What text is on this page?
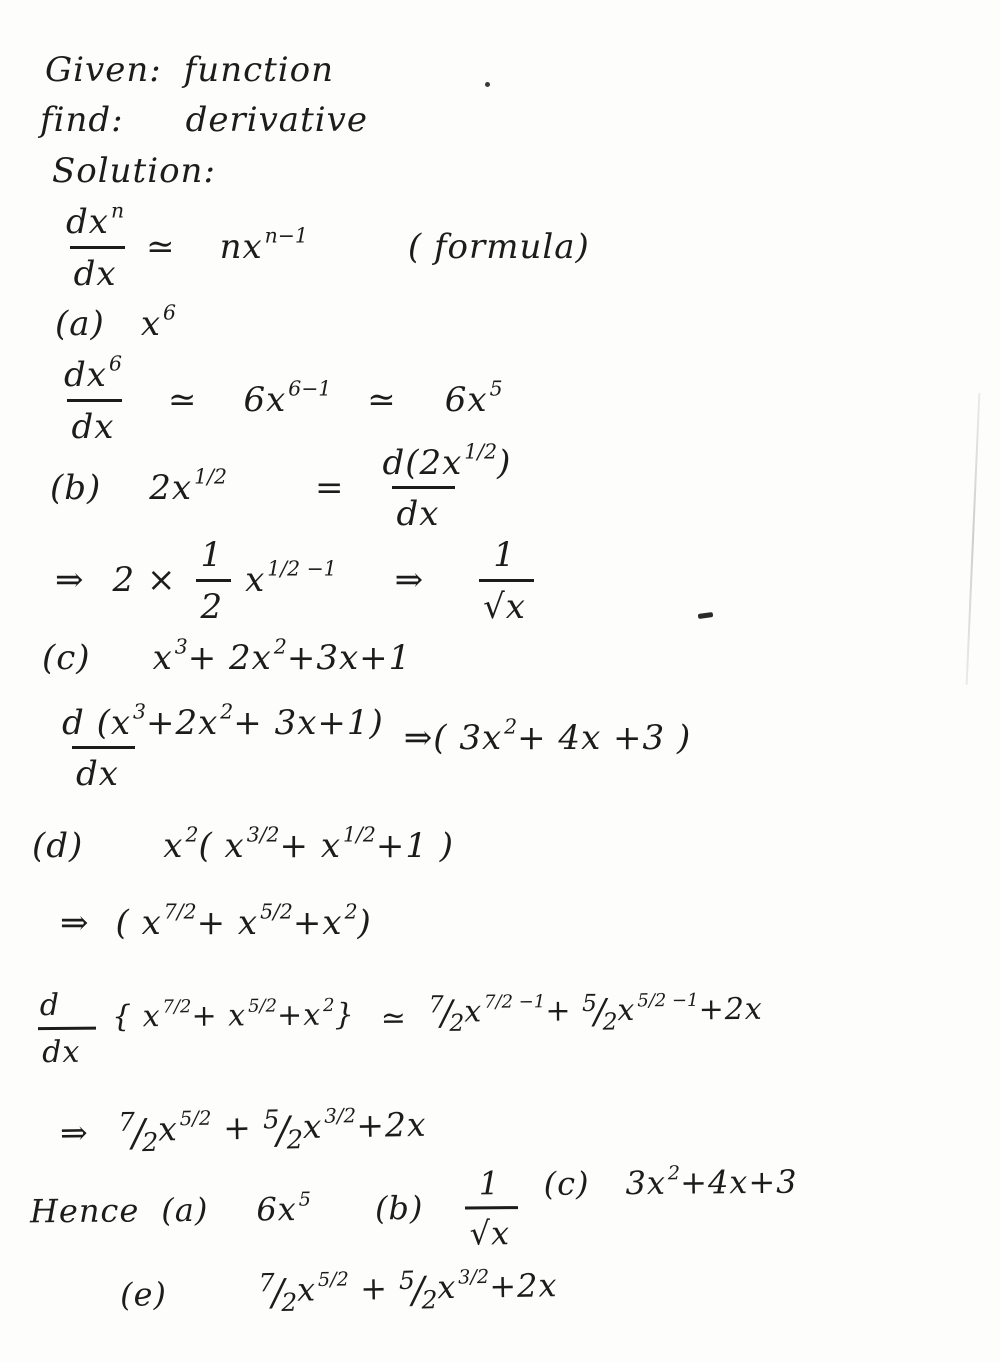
Given: function
find: derivative
Solution:
$\frac{\text{dxn}}{dx}$ ≃ nxn−1	( formula)
(a) x6
$\frac{dx6}{dx}$ ≃ 6x6−1 ≃ 6x5
(b) 2x1/2	= $\frac{d(2x1/2)}{dx}$
⇒ $2 \times \frac{1}{2} x1/2 -1$ ⇒ $\frac{1}{√x}$
(c) x3+ 2x2+3x+1
$\frac{d (x3+2x2+ 3x+1)}{dx}$ ⇒( 3x2+ 4x +3 )
(d) x2( x3/2+ x1/2+1 )
⇒ ( x7/2+ x5/2+x2)
$\frac{d}{dx}$ { x7/2+ x5/2+x2} ≃ 7
/
2 x7/2 −1+ 5
/
2 x5/2 −1+2x
⇒ 7
/
2 x5/2 + 5
/
2 x3/2+2x
Hence (a) 6x5 $(b) \frac{1}{√x} (c)$ 3x2+4x+3
(e)	7
/
2 x5/2 + 5
/
2 x3/2+2x
